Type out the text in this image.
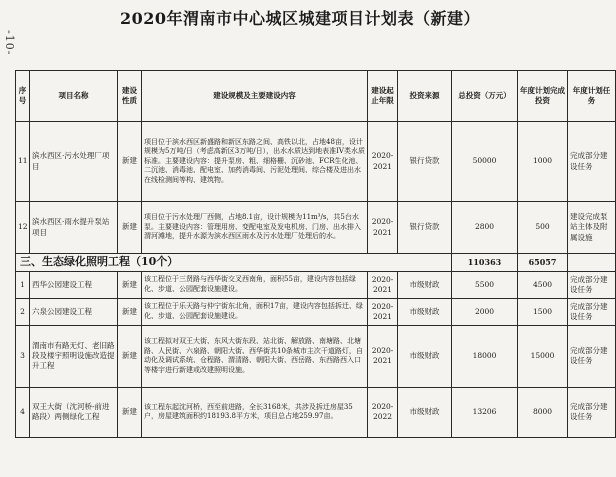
-10-
2020年渭南市中心城区城建项目计划表（新建）
序号	项目名称	建设性质	建设规模及主要建设内容	建设起止年限	投资来源	总投资（万元）	年度计划完成投资	年度计划任务
11	滨水西区·污水处理厂项目	新建	项目位于滨水西区新盛路和新区东路之间、高铁以北，占地48亩，设计规模为5万吨/日（考虑高新区3万吨/日），出水水质达到地表准IV类水质标准。主要建设内容：提升泵房、粗、细格栅、沉砂池、FCR生化池、二沉池、消毒池、配电室、加药消毒间、污泥处理间、综合楼及进出水在线检测间等构、建筑物。	2020-2021	银行贷款	50000	1000	完成部分建设任务
12	滨水西区·雨水提升泵站项目	新建	项目位于污水处理厂西侧，占地8.1亩，设计规模为11m³/s，共5台水泵。主要建设内容：管理用房、变配电室及发电机房、门房、出水排入渭河滩地，提升水源为滨水西区雨水及污水处理厂处理后的水。	2020-2021	银行贷款	2800	500	建设完成泵站主体及附属设施
三、生态绿化照明工程（10个）						110363	65057	
1	西华公园建设工程	新建	该工程位于三贤路与西华街交叉西南角，面积55亩，建设内容包括绿化、步道、公园配套设施建设。	2020-2021	市级财政	5500	4500	完成部分建设任务
2	六泉公园建设工程	新建	该工程位于乐天路与仲宁街东北角，面积17亩，建设内容包括拆迁、绿化、步道、公园配套设施建设。	2020-2021	市级财政	2000	1500	完成部分建设任务
3	渭南市有路无灯、老旧路段及楼宇照明设施改造提升工程	新建	该工程拟对双王大街、东风大街东段、站北街、解放路、南塘路、北塘路、人民街、六泉路、朝阳大街、西华街共10条城市主次干道路灯，自动化及调试系统、仓程路、渭清路、朝阳大街、西岳路、东西路西入口等楼宇进行新建或改建照明设施。	2020-2021	市级财政	18000	15000	完成部分建设任务
4	双王大街（沈河桥-前进路段）两侧绿化工程	新建	该工程东起沈河桥，西至前进路，全长3168米，共涉及拆迁房屋35户，房屋建筑面积约18193.8平方米，项目总占地259.97亩。	2020-2022	市级财政	13206	8000	完成部分建设任务
